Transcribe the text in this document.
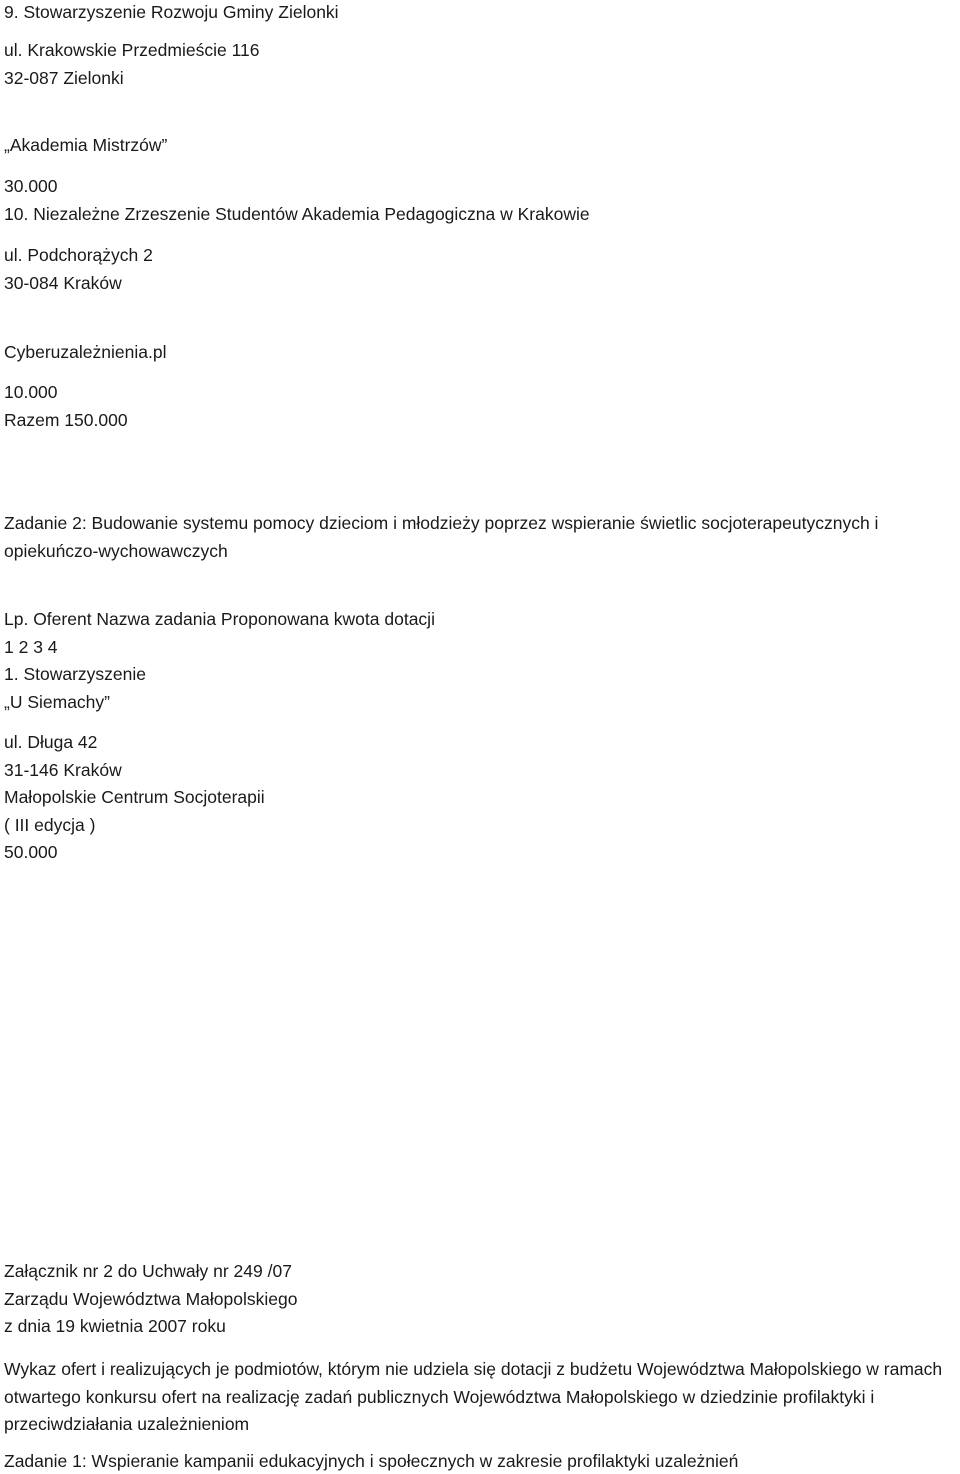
9. Stowarzyszenie Rozwoju Gminy Zielonki
ul. Krakowskie Przedmieście 116
32-087 Zielonki
„Akademia Mistrzów”
30.000
10. Niezależne Zrzeszenie Studentów Akademia Pedagogiczna w Krakowie
ul. Podchorążych 2
30-084 Kraków
Cyberuzależnienia.pl
10.000
Razem 150.000
Zadanie 2: Budowanie systemu pomocy dzieciom i młodzieży poprzez wspieranie świetlic socjoterapeutycznych i opiekuńczo-wychowawczych
Lp. Oferent Nazwa zadania Proponowana kwota dotacji
1 2 3 4
1. Stowarzyszenie
„U Siemachy”
ul. Długa 42
31-146 Kraków
Małopolskie Centrum Socjoterapii
( III edycja )
50.000
Załącznik nr 2 do Uchwały nr 249 /07
Zarządu Województwa Małopolskiego
z dnia 19 kwietnia 2007 roku
Wykaz ofert i realizujących je podmiotów, którym nie udziela się dotacji z budżetu Województwa Małopolskiego w ramach otwartego konkursu ofert na realizację zadań publicznych Województwa Małopolskiego w dziedzinie profilaktyki i przeciwdziałania uzależnieniom
Zadanie 1: Wspieranie kampanii edukacyjnych i społecznych w zakresie profilaktyki uzależnień
